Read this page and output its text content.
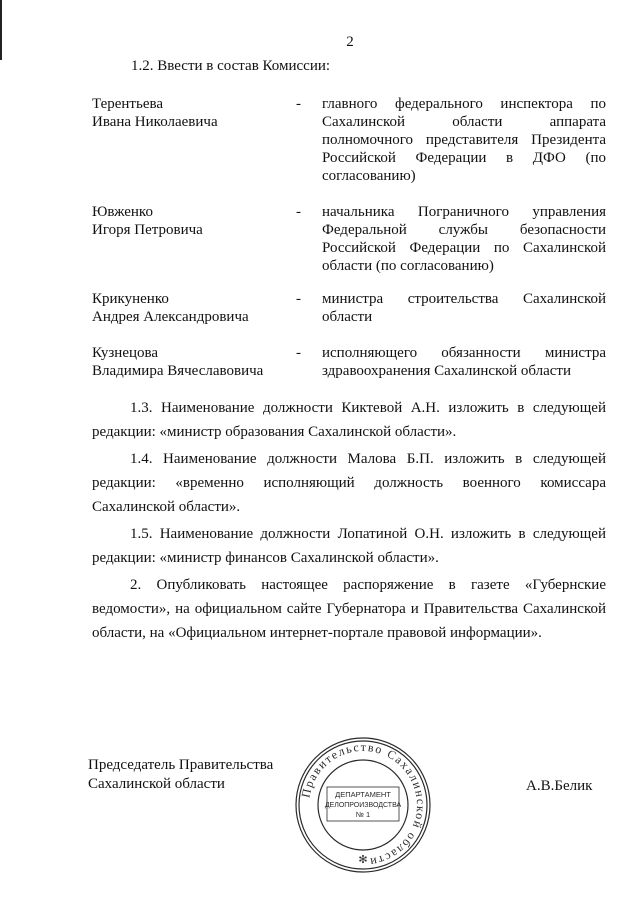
2
1.2. Ввести в состав Комиссии:
Терентьева
Ивана Николаевича
- главного федерального инспектора по Сахалинской области аппарата полномочного представителя Президента Российской Федерации в ДФО (по согласованию)
Ювженко
Игоря Петровича
- начальника Пограничного управления Федеральной службы безопасности Российской Федерации по Сахалинской области (по согласованию)
Крикуненко
Андрея Александровича
- министра строительства Сахалинской области
Кузнецова
Владимира Вячеславовича
- исполняющего обязанности министра здравоохранения Сахалинской области
1.3. Наименование должности Киктевой А.Н. изложить в следующей редакции: «министр образования Сахалинской области».
1.4. Наименование должности Малова Б.П. изложить в следующей редакции: «временно исполняющий должность военного комиссара Сахалинской области».
1.5. Наименование должности Лопатиной О.Н. изложить в следующей редакции: «министр финансов Сахалинской области».
2. Опубликовать настоящее распоряжение в газете «Губернские ведомости», на официальном сайте Губернатора и Правительства Сахалинской области, на «Официальном интернет-портале правовой информации».
Председатель Правительства
Сахалинской области
Правительство Сахалинской области
✻
ДЕПАРТАМЕНТ
ДЕЛОПРОИЗВОДСТВА
№ 1
А.В.Белик
